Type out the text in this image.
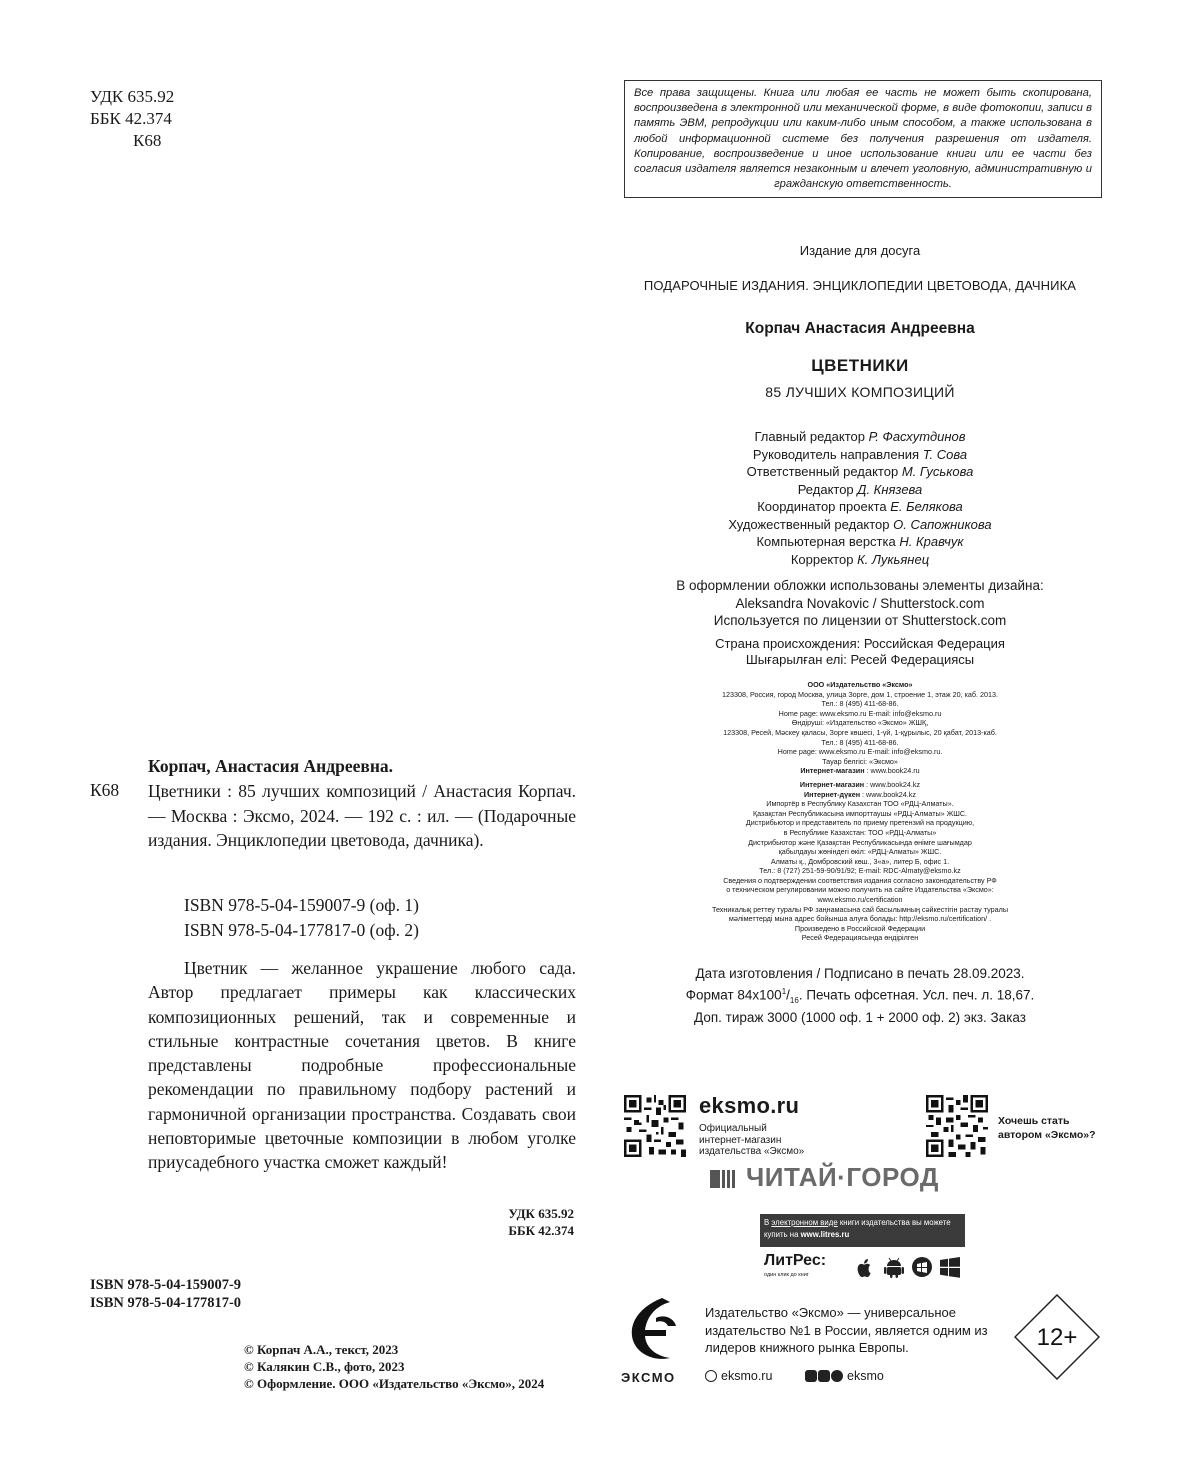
УДК 635.92
ББК 42.374
К68
Все права защищены. Книга или любая ее часть не может быть скопирована, воспроизведена в электронной или механической форме, в виде фотокопии, записи в память ЭВМ, репродукции или каким-либо иным способом, а также использована в любой информационной системе без получения разрешения от издателя. Копирование, воспроизведение и иное использование книги или ее части без согласия издателя является незаконным и влечет уголовную, административную и гражданскую ответственность.
Издание для досуга
ПОДАРОЧНЫЕ ИЗДАНИЯ. ЭНЦИКЛОПЕДИИ ЦВЕТОВОДА, ДАЧНИКА
Корпач Анастасия Андреевна
ЦВЕТНИКИ
85 ЛУЧШИХ КОМПОЗИЦИЙ
Главный редактор Р. Фасхутдинов
Руководитель направления Т. Сова
Ответственный редактор М. Гуськова
Редактор Д. Князева
Координатор проекта Е. Белякова
Художественный редактор О. Сапожникова
Компьютерная верстка Н. Кравчук
Корректор К. Лукьянец
В оформлении обложки использованы элементы дизайна:
Aleksandra Novakovic / Shutterstock.com
Используется по лицензии от Shutterstock.com
Страна происхождения: Российская Федерация
Шығарылған елі: Ресей Федерациясы
ООО «Издательство «Эксмо»
123308, Россия, город Москва, улица Зорге, дом 1, строение 1, этаж 20, каб. 2013.
Тел.: 8 (495) 411-68-86.
Home page: www.eksmo.ru E-mail: info@eksmo.ru
Өндіруші: «Издательство «Эксмо» ЖШҚ,
123308, Ресей, Мәскеу қаласы, Зорге көшесі, 1-үй, 1-құрылыс, 20 қабат, 2013-каб.
Тел.: 8 (495) 411-68-86.
Home page: www.eksmo.ru E-mail: info@eksmo.ru.
Тауар белгісі: «Эксмо»
Интернет-магазин : www.book24.ru
Интернет-магазин : www.book24.kz
Интернет-дүкен : www.book24.kz
Импортёр в Республику Казахстан ТОО «РДЦ-Алматы».
Қазақстан Республикасына импорттаушы «РДЦ-Алматы» ЖШС.
Дистрибьютор и представитель по приему претензий на продукцию,
в Республике Казахстан: ТОО «РДЦ-Алматы»
Дистрибьютор және Қазақстан Республикасында өнімге шағымдар
қабылдауы жөніндегі өкіл: «РДЦ-Алматы» ЖШС.
Алматы қ., Домбровский көш., 3«а», литер Б, офис 1.
Тел.: 8 (727) 251-59-90/91/92; E-mail: RDC-Almaty@eksmo.kz
Сведения о подтверждении соответствия издания согласно законодательству РФ
о техническом регулировании можно получить на сайте Издательства «Эксмо»:
www.eksmo.ru/certification
Техникалық реттеу туралы РФ заңнамасына сай басылымның сәйкестігін растау туралы
мәліметтерді мына адрес бойынша алуға болады: http://eksmo.ru/certification/ .
Произведено в Российской Федерации
Ресей Федерациясында өндірілген
Дата изготовления / Подписано в печать 28.09.2023.
Формат $84x100^1/_{16}$. Печать офсетная. Усл. печ. л. 18,67.
Доп. тираж 3000 (1000 оф. 1 + 2000 оф. 2) экз. Заказ
Корпач, Анастасия Андреевна.
К68 Цветники : 85 лучших композиций / Анастасия Корпач. — Москва : Эксмо, 2024. — 192 с. : ил. — (Подарочные издания. Энциклопедии цветовода, дачника).
ISBN 978-5-04-159007-9 (оф. 1)
ISBN 978-5-04-177817-0 (оф. 2)
Цветник — желанное украшение любого сада. Автор предлагает примеры как классических композиционных решений, так и современные и стильные контрастные сочетания цветов. В книге представлены подробные профессиональные рекомендации по правильному подбору растений и гармоничной организации пространства. Создавать свои неповторимые цветочные композиции в любом уголке приусадебного участка сможет каждый!
УДК 635.92
ББК 42.374
ISBN 978-5-04-159007-9
ISBN 978-5-04-177817-0
© Корпач А.А., текст, 2023
© Калякин С.В., фото, 2023
© Оформление. ООО «Издательство «Эксмо», 2024
eksmo.ru
Официальный
интернет-магазин
издательства «Эксмо»
Хочешь стать
автором «Эксмо»?
ЧИТАЙ·ГОРОД
В электронном виде книги издательства вы можете
купить на www.litres.ru
ЛитРес:
один клик до книг
ЭКСМО
Издательство «Эксмо» — универсальное издательство №1 в России, является одним из лидеров книжного рынка Европы.	12+
eksmo.ru	eksmo
